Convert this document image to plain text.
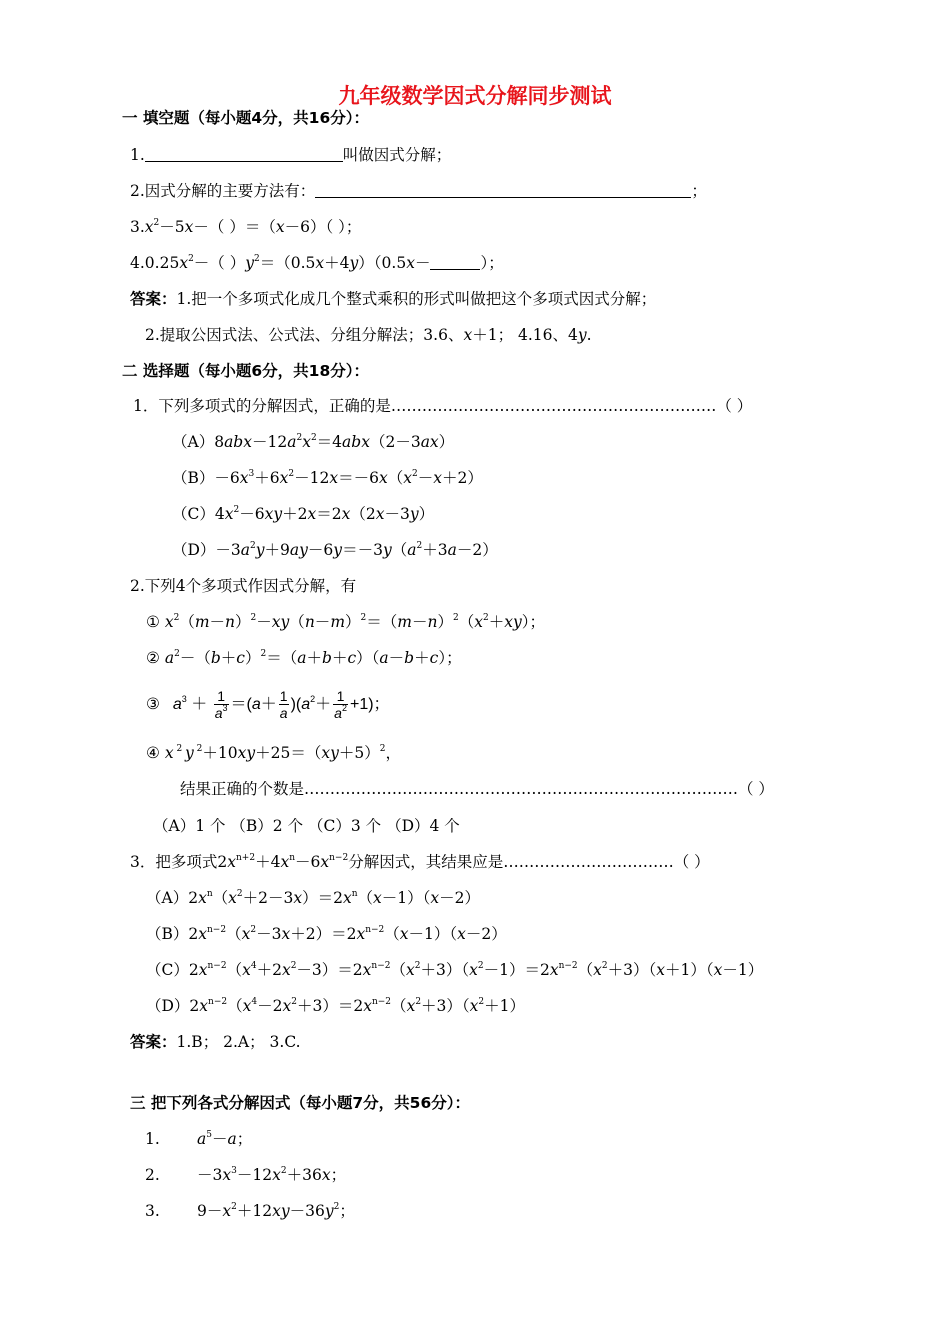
九年级数学因式分解同步测试
一 填空题（每小题4分，共16分）：
1.	叫做因式分解；
2.因式分解的主要方法有：	；
$3.x^2-5x-$（ ）＝（x－6）（ ）；
$4.0.25x^2-$（ ）$y^2=(0.5x+4y)(0.5x-$	）；
答案：1.把一个多项式化成几个整式乘积的形式叫做把这个多项式因式分解；
2.提取公因式法、公式法、分组分解法；3.6、x＋1； 4.16、4y.
二 选择题（每小题6分，共18分）：
1．下列多项式的分解因式，正确的是………………………………………………………（ ）
$(A)8abx-12a^2x^2=4abx(2-3ax)$
$(B)-6x^3+6x^2-12x=-6x(x^2-x+2)$
$(C)4x^2-6xy+2x=2x(2x-3y)$
$(D)-3a^2y+9ay-6y=-3y(a^2+3a-2)$
2.下列4个多项式作因式分解，有
① $x^2(m-n)^2-xy(n-m)^2=(m-n)^2(x^2+xy)$；
② $a^2-(b+c)^2=(a+b+c)(a-b+c)$；
③ $a^3 + \frac{1}{a^3} =(a+ \frac{1}{a} )(a^2+ \frac{1}{a^2} +1)$；
④ x $^2$ y $^2+10xy+25=(xy+5)^2$，
结果正确的个数是…………………………………………………………………………（ ）
（A）1 个 （B）2 个 （C）3 个 （D）4 个
3．把多项式$2x^{n+2}+4x^n-6x^{n-2}$分解因式，其结果应是……………………………（ ）
$(A)2x^n(x^2+2-3x)=2x^n(x-1)(x-2)$
$(B)2x^{n-2}(x^2-3x+2)=2x^{n-2}(x-1)(x-2)$
$(C)2x^{n-2}(x^4+2x^2-3)=2x^{n-2}(x^2+3)(x^2-1)=2x^{n-2}(x^2+3)(x+1)(x-1)$
$(D)2x^{n-2}(x^4-2x^2+3)=2x^{n-2}(x^2+3)(x^2+1)$
答案：1.B； 2.A； 3.C.
三 把下列各式分解因式（每小题7分，共56分）：
1. $a^5-a$；
2. $-3x^3-12x^2+36x$；
3. $9-x^2+12xy-36y^2$；
